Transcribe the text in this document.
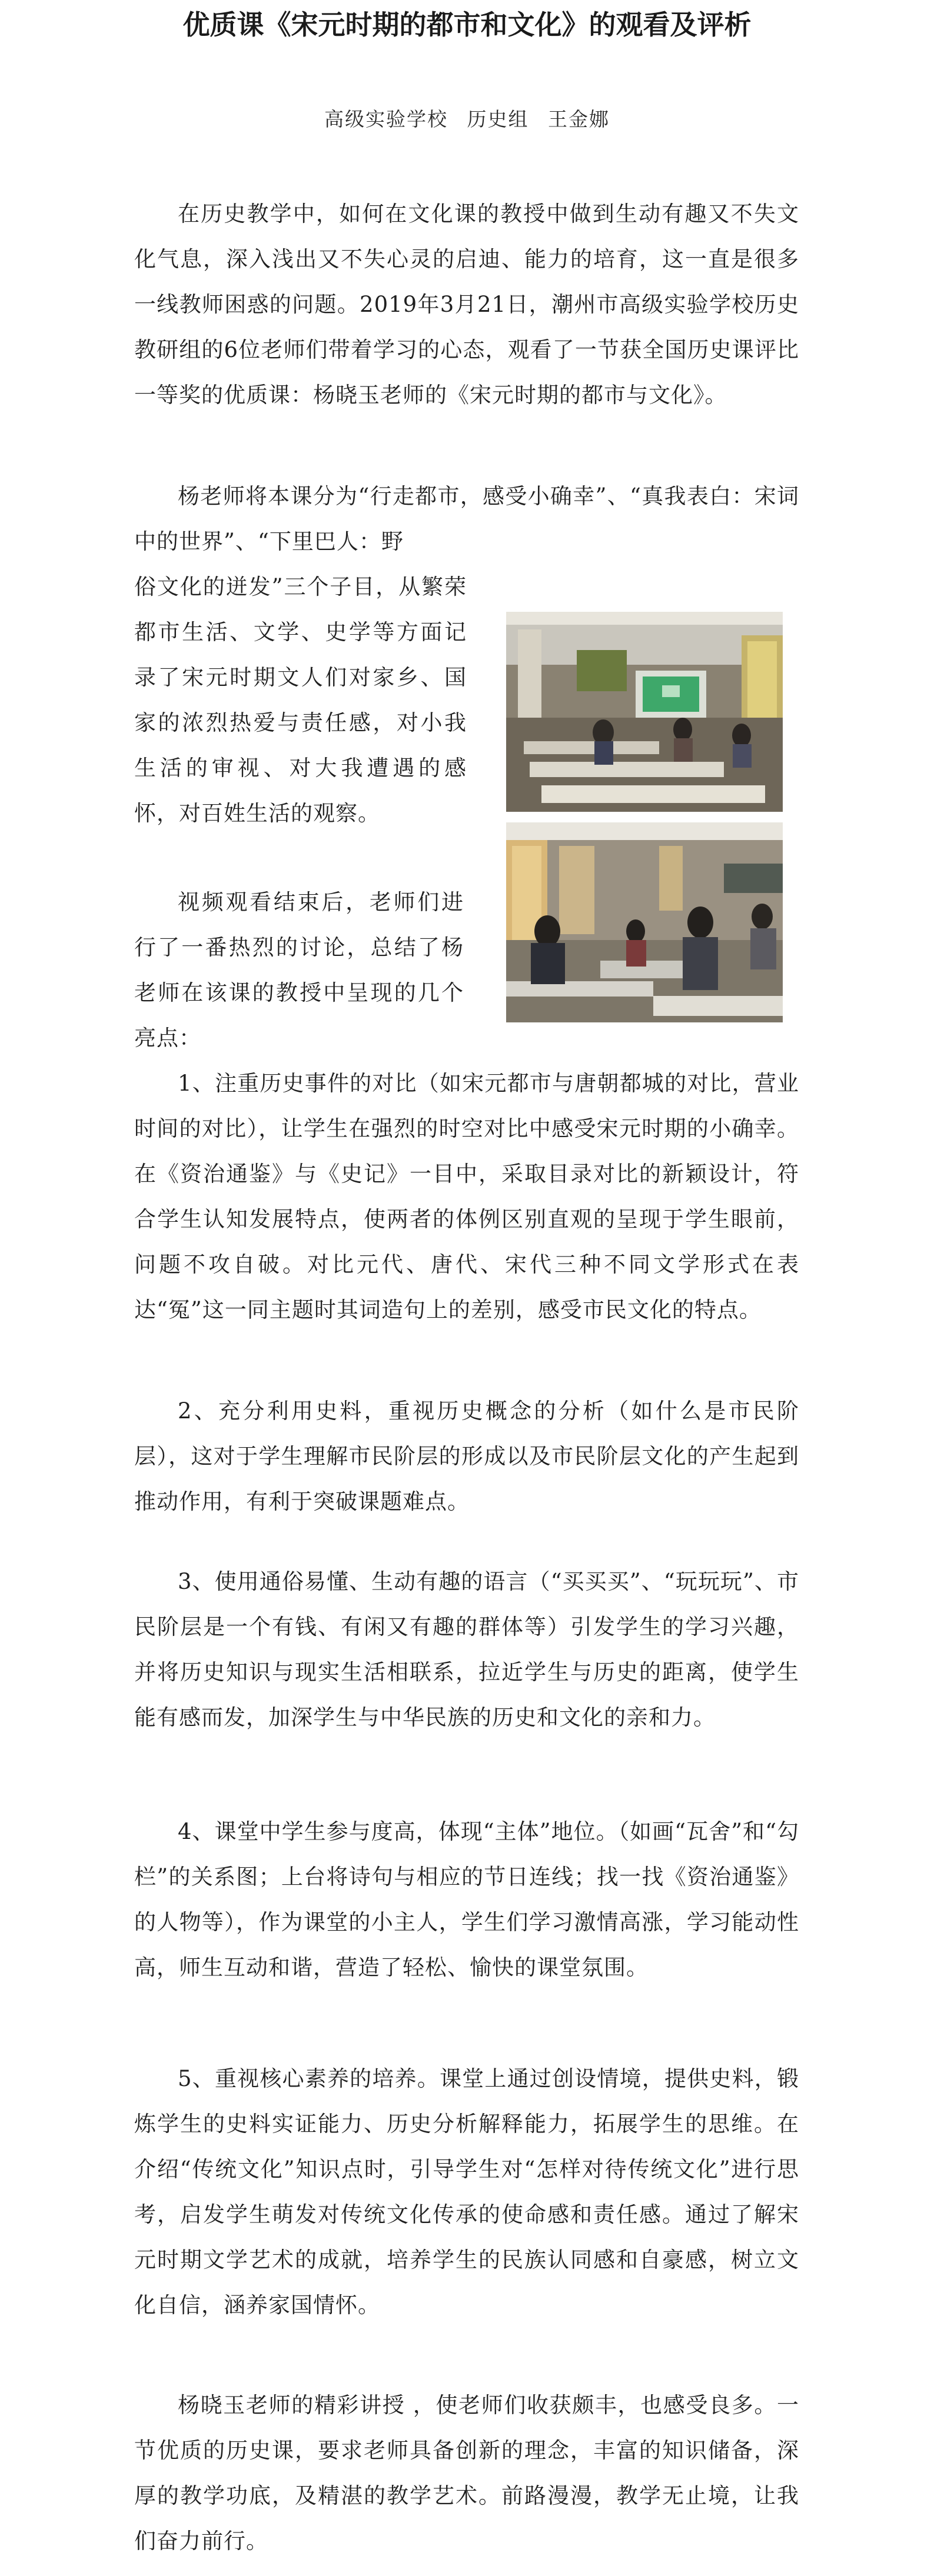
优质课《宋元时期的都市和文化》的观看及评析
高级实验学校 历史组 王金娜

在历史教学中，如何在文化课的教授中做到生动有趣又不失文化气息，深入浅出又不失心灵的启迪、能力的培育，这一直是很多一线教师困惑的问题。2019年3月21日，潮州市高级实验学校历史教研组的6位老师们带着学习的心态，观看了一节获全国历史课评比一等奖的优质课：杨晓玉老师的《宋元时期的都市与文化》。

杨老师将本课分为“行走都市，感受小确幸”、“真我表白：宋词中的世界”、“下里巴人：野
俗文化的迸发”三个子目，从繁荣都市生活、文学、史学等方面记录了宋元时期文人们对家乡、国家的浓烈热爱与责任感，对小我生活的审视、对大我遭遇的感怀，对百姓生活的观察。

视频观看结束后，老师们进行了一番热烈的讨论，总结了杨老师在该课的教授中呈现的几个亮点：

1、注重历史事件的对比（如宋元都市与唐朝都城的对比，营业时间的对比），让学生在强烈的时空对比中感受宋元时期的小确幸。在《资治通鉴》与《史记》一目中，采取目录对比的新颖设计，符合学生认知发展特点，使两者的体例区别直观的呈现于学生眼前，问题不攻自破。对比元代、唐代、宋代三种不同文学形式在表达“冤”这一同主题时其词造句上的差别，感受市民文化的特点。

2、充分利用史料，重视历史概念的分析（如什么是市民阶层），这对于学生理解市民阶层的形成以及市民阶层文化的产生起到推动作用，有利于突破课题难点。

3、使用通俗易懂、生动有趣的语言（“买买买”、“玩玩玩”、市民阶层是一个有钱、有闲又有趣的群体等）引发学生的学习兴趣，并将历史知识与现实生活相联系，拉近学生与历史的距离，使学生能有感而发，加深学生与中华民族的历史和文化的亲和力。

4、课堂中学生参与度高，体现“主体”地位。（如画“瓦舍”和“勾栏”的关系图；上台将诗句与相应的节日连线；找一找《资治通鉴》的人物等），作为课堂的小主人，学生们学习激情高涨，学习能动性高，师生互动和谐，营造了轻松、愉快的课堂氛围。

5、重视核心素养的培养。课堂上通过创设情境，提供史料，锻炼学生的史料实证能力、历史分析解释能力，拓展学生的思维。在介绍“传统文化”知识点时，引导学生对“怎样对待传统文化”进行思考，启发学生萌发对传统文化传承的使命感和责任感。通过了解宋元时期文学艺术的成就，培养学生的民族认同感和自豪感，树立文化自信，涵养家国情怀。

杨晓玉老师的精彩讲授 ，使老师们收获颇丰，也感受良多。一节优质的历史课，要求老师具备创新的理念，丰富的知识储备，深厚的教学功底，及精湛的教学艺术。前路漫漫，教学无止境，让我们奋力前行。
